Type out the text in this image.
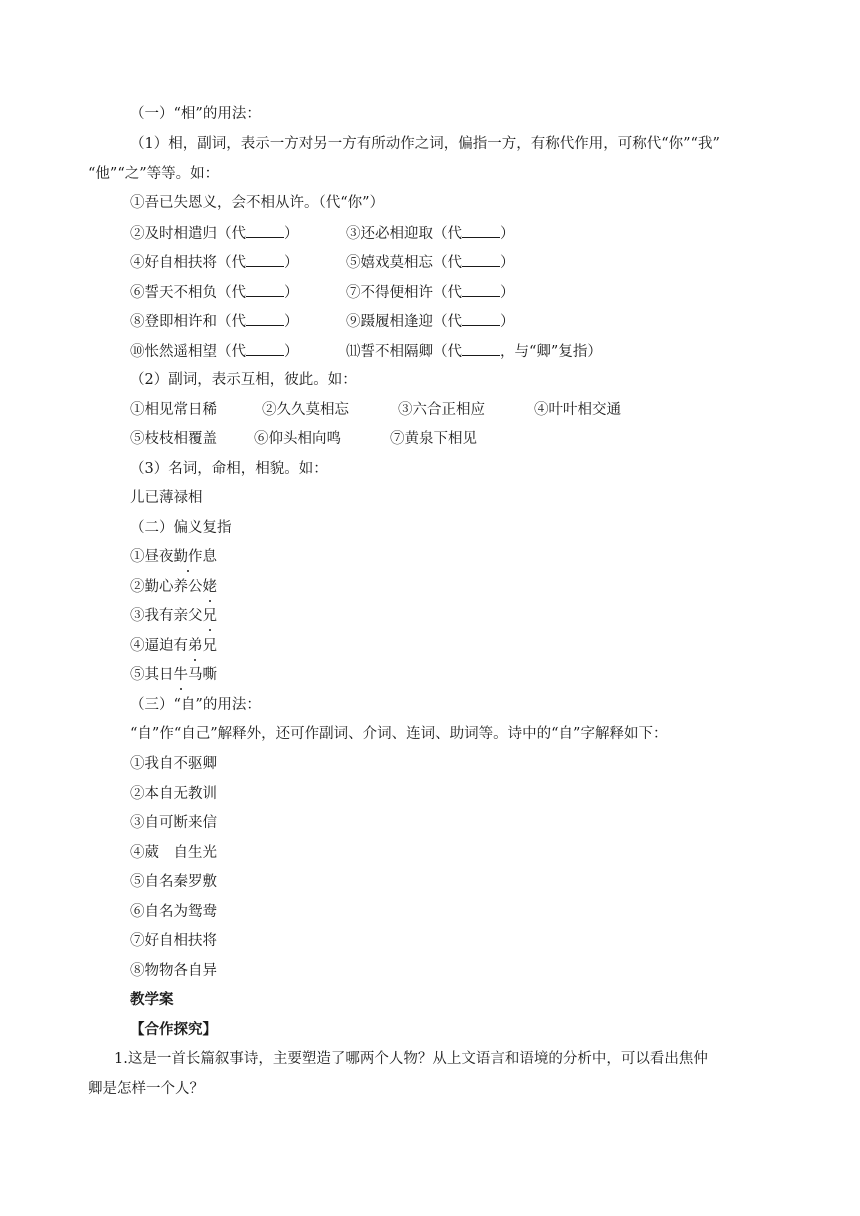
（一）“相”的用法：
（1）相，副词，表示一方对另一方有所动作之词，偏指一方，有称代作用，可称代“你”“我”
“他”“之”等等。如：
①吾已失恩义，会不相从许。（代“你”）
②及时相遣归（代	）	③还必相迎取（代	）
④好自相扶将（代	）	⑤嬉戏莫相忘（代	）
⑥誓天不相负（代	）	⑦不得便相许（代	）
⑧登即相许和（代	）	⑨蹑履相逢迎（代	）
⑩怅然遥相望（代	）	⑾誓不相隔卿（代	，与“卿”复指）
（2）副词，表示互相，彼此。如：
①相见常日稀	②久久莫相忘	③六合正相应	④叶叶相交通
⑤枝枝相覆盖	⑥仰头相向鸣	⑦黄泉下相见
（3）名词，命相，相貌。如：
儿已薄禄相
（二）偏义复指
①昼夜勤作息
②勤心养公姥
③我有亲父兄
④逼迫有弟兄
⑤其日牛马嘶
（三）“自”的用法：
“自”作“自己”解释外，还可作副词、介词、连词、助词等。诗中的“自”字解释如下：
①我自不驱卿
②本自无教训
③自可断来信
④葳　自生光
⑤自名秦罗敷
⑥自名为鸳鸯
⑦好自相扶将
⑧物物各自异
教学案
【合作探究】
1.这是一首长篇叙事诗，主要塑造了哪两个人物？从上文语言和语境的分析中，可以看出焦仲
卿是怎样一个人？
